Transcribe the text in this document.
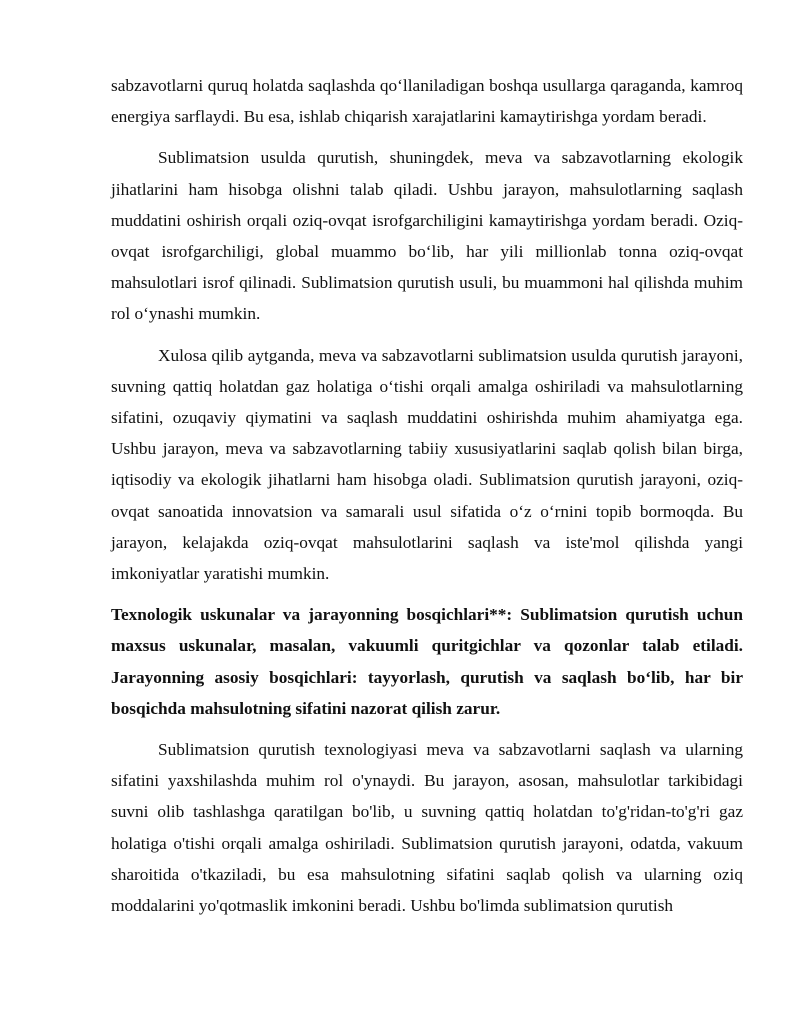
sabzavotlarni quruq holatda saqlashda qo‘llaniladigan boshqa usullarga qaraganda, kamroq energiya sarflaydi. Bu esa, ishlab chiqarish xarajatlarini kamaytirishga yordam beradi.

Sublimatsion usulda qurutish, shuningdek, meva va sabzavotlarning ekologik jihatlarini ham hisobga olishni talab qiladi. Ushbu jarayon, mahsulotlarning saqlash muddatini oshirish orqali oziq-ovqat isrofgarchiligini kamaytirishga yordam beradi. Oziq-ovqat isrofgarchiligi, global muammo bo‘lib, har yili millionlab tonna oziq-ovqat mahsulotlari isrof qilinadi. Sublimatsion qurutish usuli, bu muammoni hal qilishda muhim rol o‘ynashi mumkin.

Xulosa qilib aytganda, meva va sabzavotlarni sublimatsion usulda qurutish jarayoni, suvning qattiq holatdan gaz holatiga o‘tishi orqali amalga oshiriladi va mahsulotlarning sifatini, ozuqaviy qiymatini va saqlash muddatini oshirishda muhim ahamiyatga ega. Ushbu jarayon, meva va sabzavotlarning tabiiy xususiyatlarini saqlab qolish bilan birga, iqtisodiy va ekologik jihatlarni ham hisobga oladi. Sublimatsion qurutish jarayoni, oziq-ovqat sanoatida innovatsion va samarali usul sifatida o‘z o‘rnini topib bormoqda. Bu jarayon, kelajakda oziq-ovqat mahsulotlarini saqlash va iste'mol qilishda yangi imkoniyatlar yaratishi mumkin.

Texnologik uskunalar va jarayonning bosqichlari**: Sublimatsion qurutish uchun maxsus uskunalar, masalan, vakuumli quritgichlar va qozonlar talab etiladi. Jarayonning asosiy bosqichlari: tayyorlash, qurutish va saqlash bo‘lib, har bir bosqichda mahsulotning sifatini nazorat qilish zarur.

Sublimatsion qurutish texnologiyasi meva va sabzavotlarni saqlash va ularning sifatini yaxshilashda muhim rol o'ynaydi. Bu jarayon, asosan, mahsulotlar tarkibidagi suvni olib tashlashga qaratilgan bo'lib, u suvning qattiq holatdan to'g'ridan-to'g'ri gaz holatiga o'tishi orqali amalga oshiriladi. Sublimatsion qurutish jarayoni, odatda, vakuum sharoitida o'tkaziladi, bu esa mahsulotning sifatini saqlab qolish va ularning oziq moddalarini yo'qotmaslik imkonini beradi. Ushbu bo'limda sublimatsion qurutish
